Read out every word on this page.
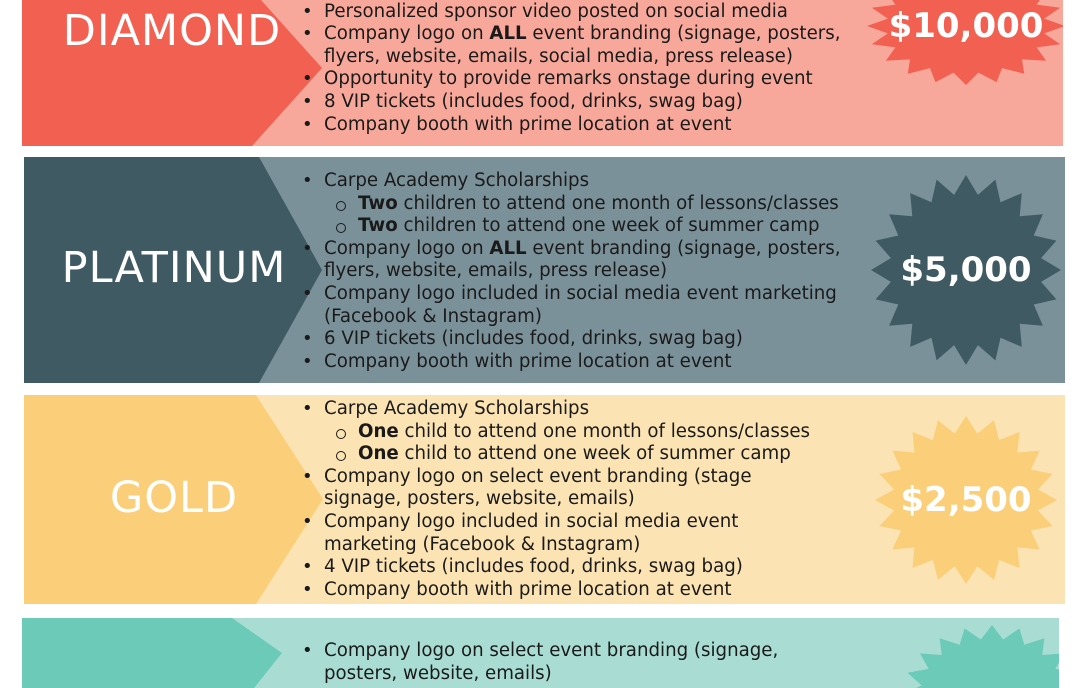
DIAMOND •	• Personalized sponsor video posted on social media
• Company logo on ALL event branding (signage, posters, flyers, website, emails, social media, press release)
• Opportunity to provide remarks onstage during event
• 8 VIP tickets (includes food, drinks, swag bag)
• Company booth with prime location at event
$10,000
PLATINUM
• Carpe Academy Scholarships
Two children to attend one month of lessons/classes
Two children to attend one week of summer camp
• Company logo on ALL event branding (signage, posters, flyers, website, emails, press release)
• Company logo included in social media event marketing (Facebook & Instagram)
• 6 VIP tickets (includes food, drinks, swag bag)
• Company booth with prime location at event
$5,000
GOLD
• Carpe Academy Scholarships
One child to attend one month of lessons/classes
One child to attend one week of summer camp
• Company logo on select event branding (stage signage, posters, website, emails)
• Company logo included in social media event marketing (Facebook & Instagram)
• 4 VIP tickets (includes food, drinks, swag bag)
• Company booth with prime location at event
$2,500
• Company logo on select event branding (signage, posters, website, emails)
